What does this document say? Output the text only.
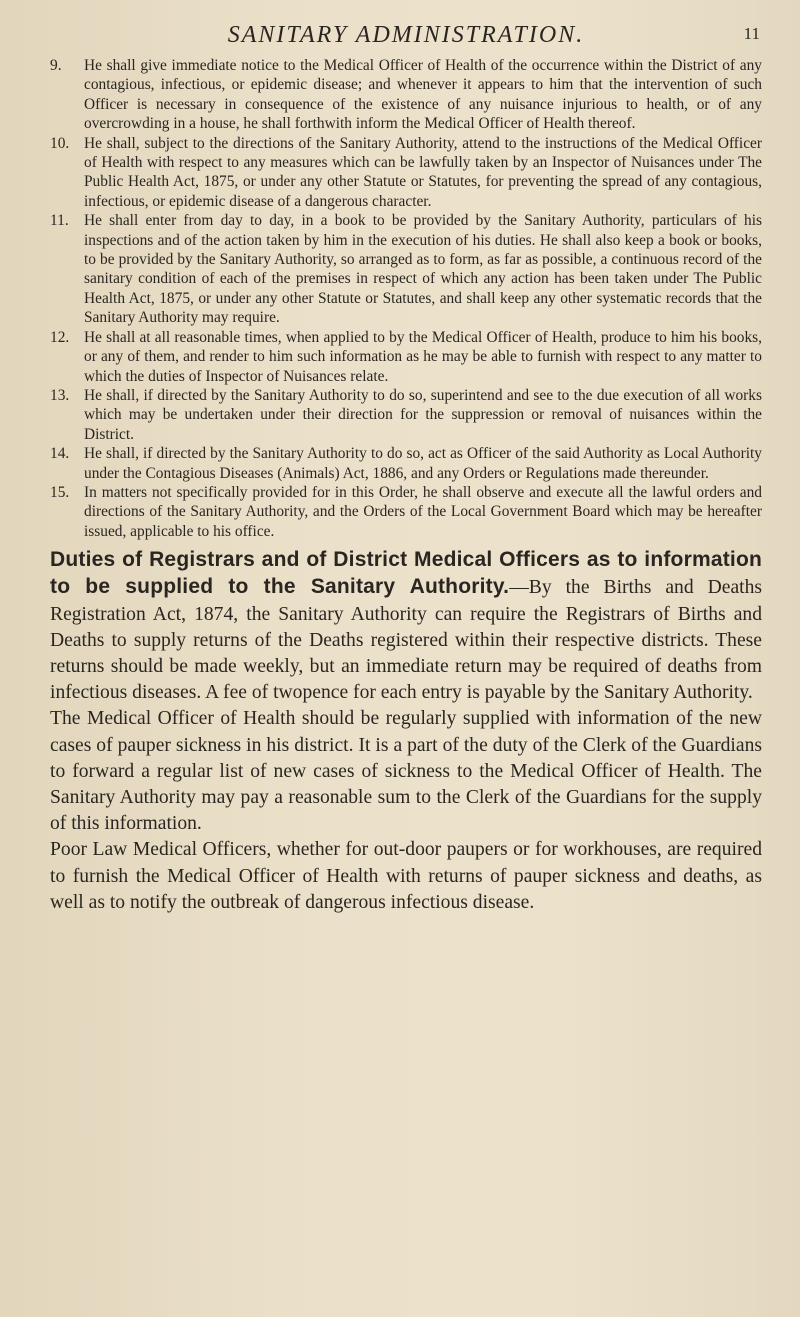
SANITARY ADMINISTRATION.	11
9.	He shall give immediate notice to the Medical Officer of Health of the occurrence within the District of any contagious, infectious, or epidemic disease; and whenever it appears to him that the intervention of such Officer is necessary in consequence of the existence of any nuisance injurious to health, or of any overcrowding in a house, he shall forthwith inform the Medical Officer of Health thereof.
10. He shall, subject to the directions of the Sanitary Authority, attend to the instructions of the Medical Officer of Health with respect to any measures which can be lawfully taken by an Inspector of Nuisances under The Public Health Act, 1875, or under any other Statute or Statutes, for preventing the spread of any contagious, infectious, or epidemic disease of a dangerous character.
11. He shall enter from day to day, in a book to be provided by the Sanitary Authority, particulars of his inspections and of the action taken by him in the execution of his duties. He shall also keep a book or books, to be provided by the Sanitary Authority, so arranged as to form, as far as possible, a continuous record of the sanitary condition of each of the premises in respect of which any action has been taken under The Public Health Act, 1875, or under any other Statute or Statutes, and shall keep any other systematic records that the Sanitary Authority may require.
12. He shall at all reasonable times, when applied to by the Medical Officer of Health, produce to him his books, or any of them, and render to him such information as he may be able to furnish with respect to any matter to which the duties of Inspector of Nuisances relate.
13. He shall, if directed by the Sanitary Authority to do so, superintend and see to the due execution of all works which may be undertaken under their direction for the suppression or removal of nuisances within the District.
14. He shall, if directed by the Sanitary Authority to do so, act as Officer of the said Authority as Local Authority under the Contagious Diseases (Animals) Act, 1886, and any Orders or Regulations made thereunder.
15. In matters not specifically provided for in this Order, he shall observe and execute all the lawful orders and directions of the Sanitary Authority, and the Orders of the Local Government Board which may be hereafter issued, applicable to his office.

Duties of Registrars and of District Medical Officers as to information to be supplied to the Sanitary Authority.—By the Births and Deaths Registration Act, 1874, the Sanitary Authority can require the Registrars of Births and Deaths to supply returns of the Deaths registered within their respective districts. These returns should be made weekly, but an immediate return may be required of deaths from infectious diseases. A fee of twopence for each entry is payable by the Sanitary Authority.

The Medical Officer of Health should be regularly supplied with information of the new cases of pauper sickness in his district. It is a part of the duty of the Clerk of the Guardians to forward a regular list of new cases of sickness to the Medical Officer of Health. The Sanitary Authority may pay a reasonable sum to the Clerk of the Guardians for the supply of this information.

Poor Law Medical Officers, whether for out-door paupers or for workhouses, are required to furnish the Medical Officer of Health with returns of pauper sickness and deaths, as well as to notify the outbreak of dangerous infectious disease.
